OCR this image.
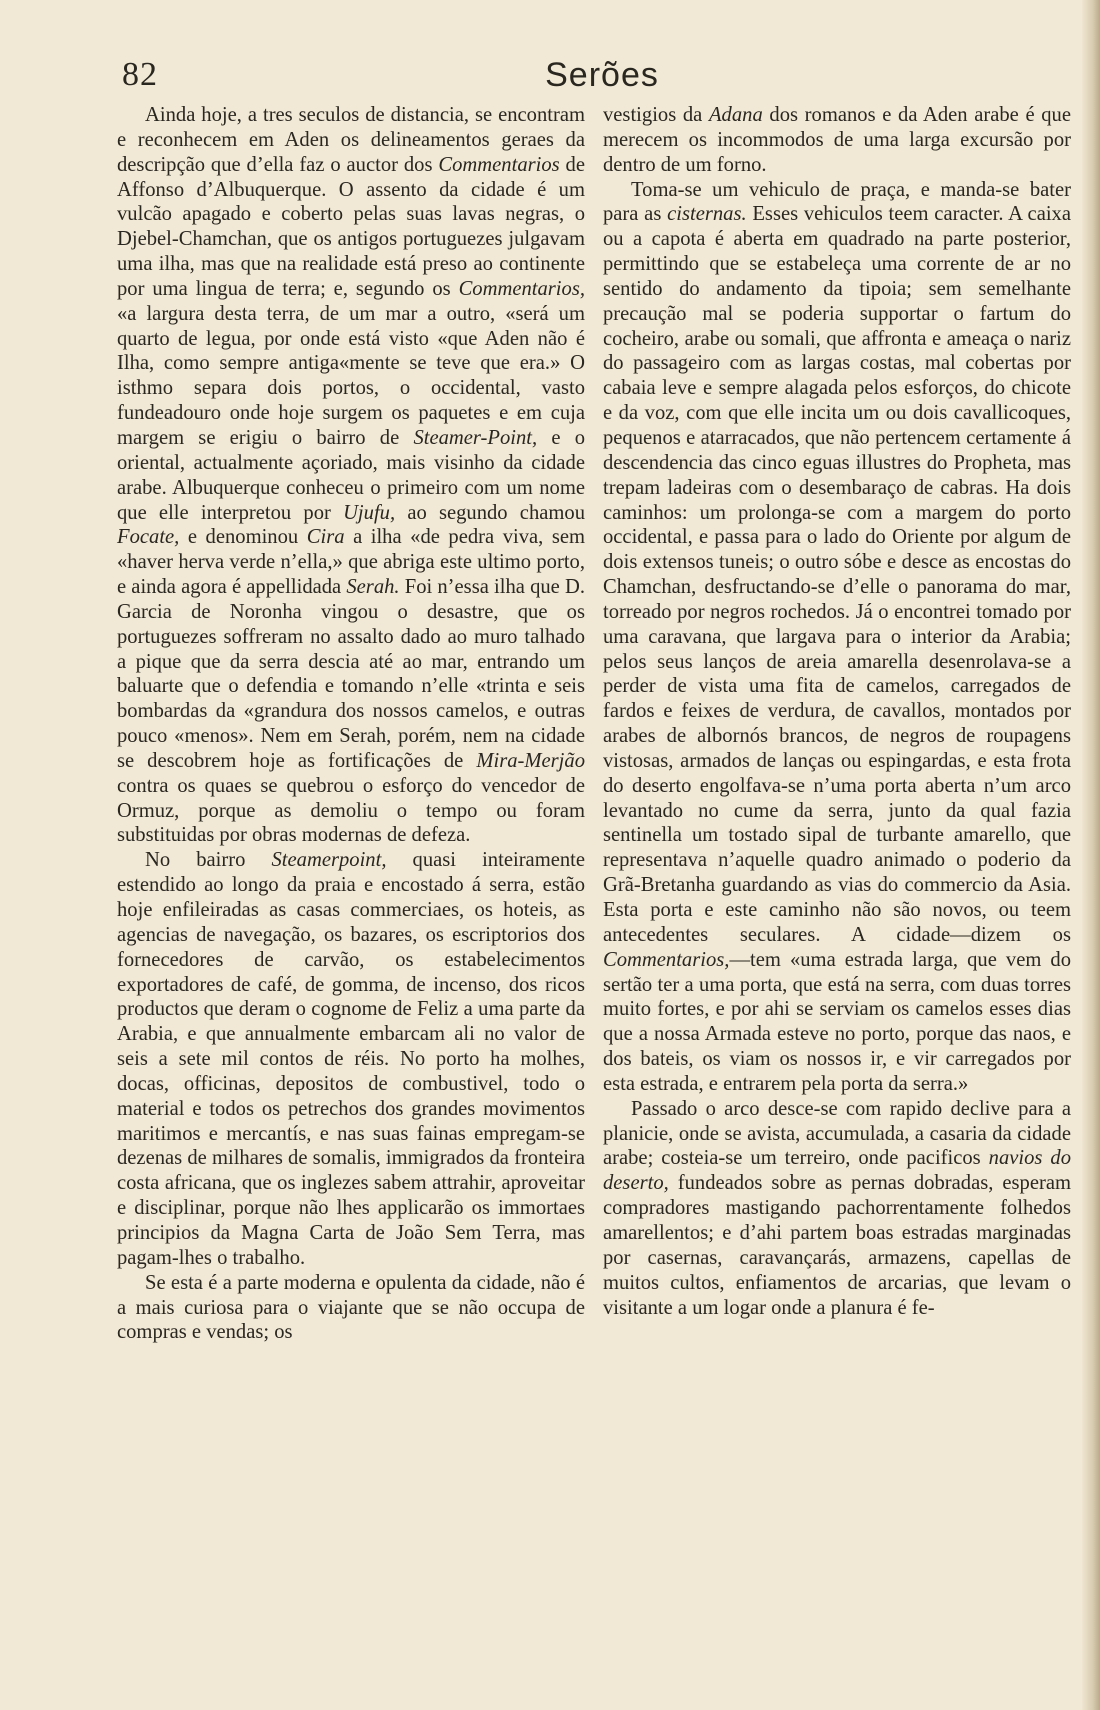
82	Serões

Ainda hoje, a tres seculos de distancia, se encontram e reconhecem em Aden os delineamentos geraes da descripção que d’ella faz o auctor dos Commentarios de Affonso d’Albuquerque. O assento da cidade é um vulcão apagado e coberto pelas suas lavas negras, o Djebel-Chamchan, que os antigos portuguezes julgavam uma ilha, mas que na realidade está preso ao continente por uma lingua de terra; e, segundo os Commentarios, «a largura desta terra, de um mar a outro, «será um quarto de legua, por onde está visto «que Aden não é Ilha, como sempre antiga«mente se teve que era.» O isthmo separa dois portos, o occidental, vasto fundeadouro onde hoje surgem os paquetes e em cuja margem se erigiu o bairro de Steamer-Point, e o oriental, actualmente açoriado, mais visinho da cidade arabe. Albuquerque conheceu o primeiro com um nome que elle interpretou por Ujufu, ao segundo chamou Focate, e denominou Cira a ilha «de pedra viva, sem «haver herva verde n’ella,» que abriga este ultimo porto, e ainda agora é appellidada Serah. Foi n’essa ilha que D. Garcia de Noronha vingou o desastre, que os portuguezes soffreram no assalto dado ao muro talhado a pique que da serra descia até ao mar, entrando um baluarte que o defendia e tomando n’elle «trinta e seis bombardas da «grandura dos nossos camelos, e outras pouco «menos». Nem em Serah, porém, nem na cidade se descobrem hoje as fortificações de Mira-Merjão contra os quaes se quebrou o esforço do vencedor de Ormuz, porque as demoliu o tempo ou foram substituidas por obras modernas de defeza.

No bairro Steamerpoint, quasi inteiramente estendido ao longo da praia e encostado á serra, estão hoje enfileiradas as casas commerciaes, os hoteis, as agencias de navegação, os bazares, os escriptorios dos fornecedores de carvão, os estabelecimentos exportadores de café, de gomma, de incenso, dos ricos productos que deram o cognome de Feliz a uma parte da Arabia, e que annualmente embarcam ali no valor de seis a sete mil contos de réis. No porto ha molhes, docas, officinas, depositos de combustivel, todo o material e todos os petrechos dos grandes movimentos maritimos e mercantís, e nas suas fainas empregam-se dezenas de milhares de somalis, immigrados da fronteira costa africana, que os inglezes sabem attrahir, aproveitar e disciplinar, porque não lhes applicarão os immortaes principios da Magna Carta de João Sem Terra, mas pagam-lhes o trabalho.

Se esta é a parte moderna e opulenta da cidade, não é a mais curiosa para o viajante que se não occupa de compras e vendas; os

vestigios da Adana dos romanos e da Aden arabe é que merecem os incommodos de uma larga excursão por dentro de um forno.

Toma-se um vehiculo de praça, e manda-se bater para as cisternas. Esses vehiculos teem caracter. A caixa ou a capota é aberta em quadrado na parte posterior, permittindo que se estabeleça uma corrente de ar no sentido do andamento da tipoia; sem semelhante precaução mal se poderia supportar o fartum do cocheiro, arabe ou somali, que affronta e ameaça o nariz do passageiro com as largas costas, mal cobertas por cabaia leve e sempre alagada pelos esforços, do chicote e da voz, com que elle incita um ou dois cavallicoques, pequenos e atarracados, que não pertencem certamente á descendencia das cinco eguas illustres do Propheta, mas trepam ladeiras com o desembaraço de cabras. Ha dois caminhos: um prolonga-se com a margem do porto occidental, e passa para o lado do Oriente por algum de dois extensos tuneis; o outro sóbe e desce as encostas do Chamchan, desfructando-se d’elle o panorama do mar, torreado por negros rochedos. Já o encontrei tomado por uma caravana, que largava para o interior da Arabia; pelos seus lanços de areia amarella desenrolava-se a perder de vista uma fita de camelos, carregados de fardos e feixes de verdura, de cavallos, montados por arabes de albornós brancos, de negros de roupagens vistosas, armados de lanças ou espingardas, e esta frota do deserto engolfava-se n’uma porta aberta n’um arco levantado no cume da serra, junto da qual fazia sentinella um tostado sipal de turbante amarello, que representava n’aquelle quadro animado o poderio da Grã-Bretanha guardando as vias do commercio da Asia. Esta porta e este caminho não são novos, ou teem antecedentes seculares. A cidade—dizem os Commentarios,—tem «uma estrada larga, que vem do sertão ter a uma porta, que está na serra, com duas torres muito fortes, e por ahi se serviam os camelos esses dias que a nossa Armada esteve no porto, porque das naos, e dos bateis, os viam os nossos ir, e vir carregados por esta estrada, e entrarem pela porta da serra.»

Passado o arco desce-se com rapido declive para a planicie, onde se avista, accumulada, a casaria da cidade arabe; costeia-se um terreiro, onde pacificos navios do deserto, fundeados sobre as pernas dobradas, esperam compradores mastigando pachorrentamente folhedos amarellentos; e d’ahi partem boas estradas marginadas por casernas, caravançarás, armazens, capellas de muitos cultos, enfiamentos de arcarias, que levam o visitante a um logar onde a planura é fe-
